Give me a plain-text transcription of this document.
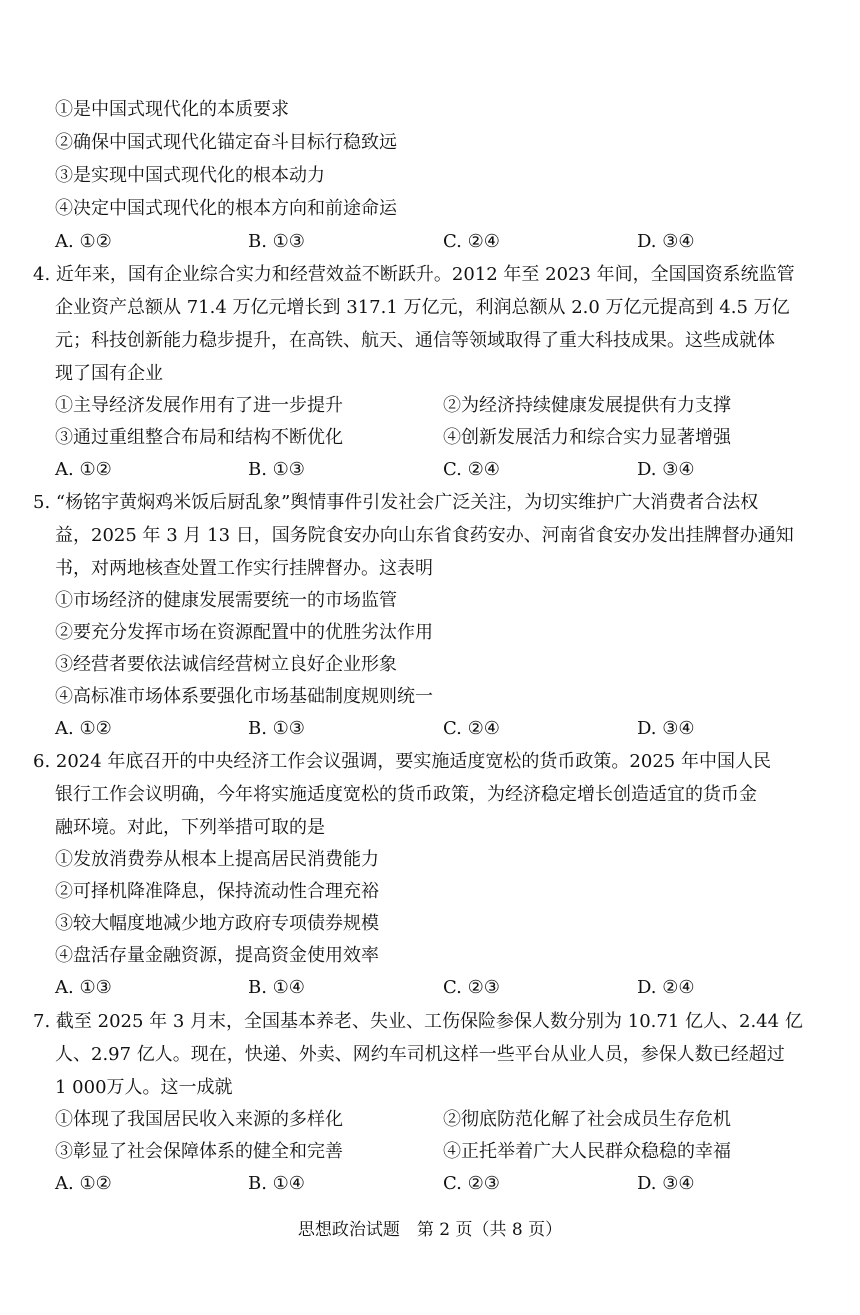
①是中国式现代化的本质要求
②确保中国式现代化锚定奋斗目标行稳致远
③是实现中国式现代化的根本动力
④决定中国式现代化的根本方向和前途命运
A. ①②	B. ①③	C. ②④	D. ③④
4. 近年来，国有企业综合实力和经营效益不断跃升。2012 年至 2023 年间，全国国资系统监管
企业资产总额从 71.4 万亿元增长到 317.1 万亿元，利润总额从 2.0 万亿元提高到 4.5 万亿
元；科技创新能力稳步提升，在高铁、航天、通信等领域取得了重大科技成果。这些成就体
现了国有企业
①主导经济发展作用有了进一步提升	②为经济持续健康发展提供有力支撑
③通过重组整合布局和结构不断优化	④创新发展活力和综合实力显著增强
A. ①②	B. ①③	C. ②④	D. ③④
5. “杨铭宇黄焖鸡米饭后厨乱象”舆情事件引发社会广泛关注，为切实维护广大消费者合法权
益，2025 年 3 月 13 日，国务院食安办向山东省食药安办、河南省食安办发出挂牌督办通知
书，对两地核查处置工作实行挂牌督办。这表明
①市场经济的健康发展需要统一的市场监管
②要充分发挥市场在资源配置中的优胜劣汰作用
③经营者要依法诚信经营树立良好企业形象
④高标准市场体系要强化市场基础制度规则统一
A. ①②	B. ①③	C. ②④	D. ③④
6. 2024 年底召开的中央经济工作会议强调，要实施适度宽松的货币政策。2025 年中国人民
银行工作会议明确，今年将实施适度宽松的货币政策，为经济稳定增长创造适宜的货币金
融环境。对此，下列举措可取的是
①发放消费券从根本上提高居民消费能力
②可择机降准降息，保持流动性合理充裕
③较大幅度地减少地方政府专项债券规模
④盘活存量金融资源，提高资金使用效率
A. ①③	B. ①④	C. ②③	D. ②④
7. 截至 2025 年 3 月末，全国基本养老、失业、工伤保险参保人数分别为 10.71 亿人、2.44 亿
人、2.97 亿人。现在，快递、外卖、网约车司机这样一些平台从业人员，参保人数已经超过
1 000万人。这一成就
①体现了我国居民收入来源的多样化	②彻底防范化解了社会成员生存危机
③彰显了社会保障体系的健全和完善	④正托举着广大人民群众稳稳的幸福
A. ①②	B. ①④	C. ②③	D. ③④
思想政治试题　第 2 页（共 8 页）
